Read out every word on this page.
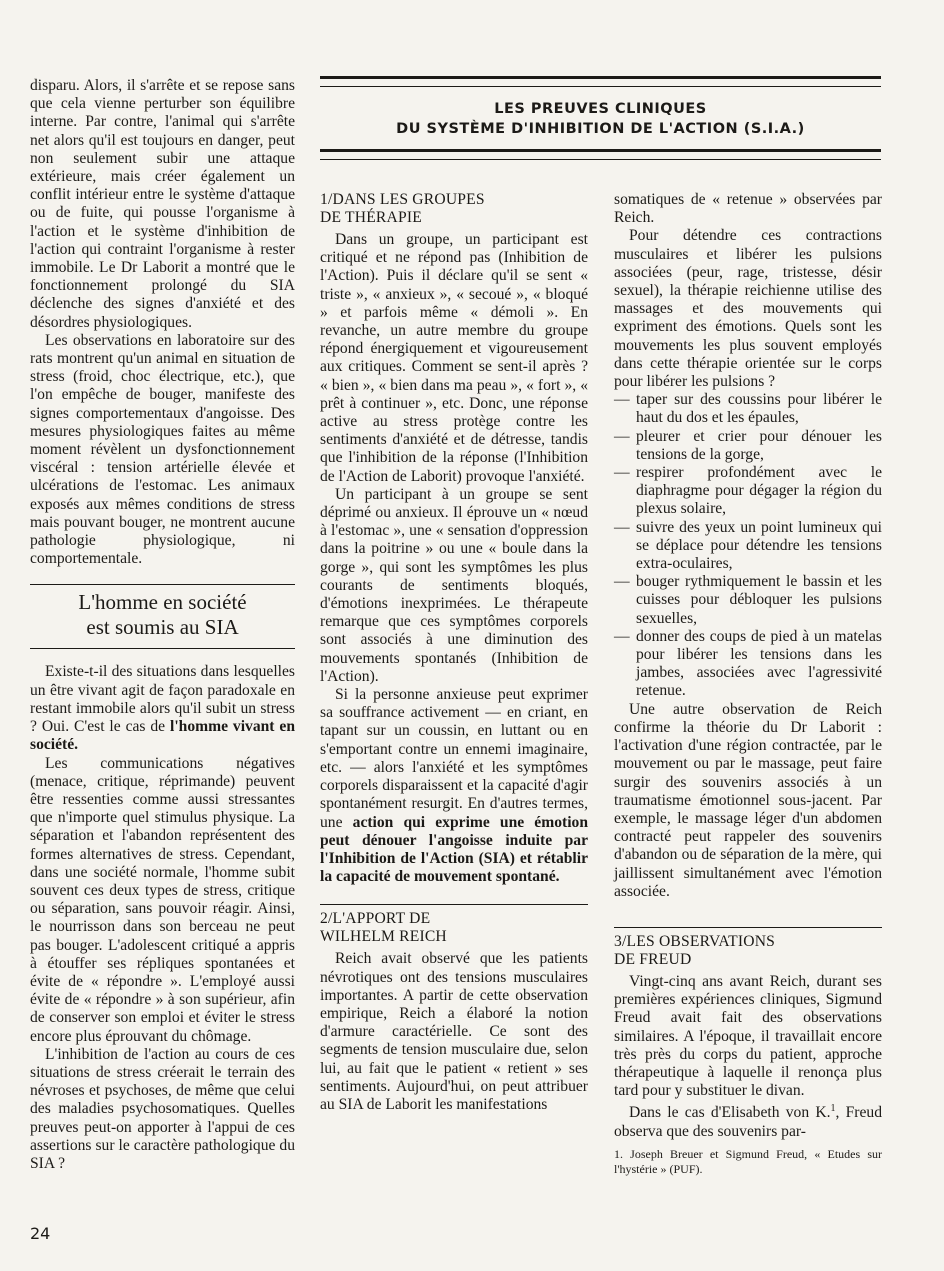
LES PREUVES CLINIQUES
DU SYSTÈME D'INHIBITION DE L'ACTION (S.I.A.)

disparu. Alors, il s'arrête et se repose sans que cela vienne perturber son équilibre interne. Par contre, l'animal qui s'arrête net alors qu'il est toujours en danger, peut non seulement subir une attaque extérieure, mais créer également un conflit intérieur entre le système d'attaque ou de fuite, qui pousse l'organisme à l'action et le système d'inhibition de l'action qui contraint l'organisme à rester immobile. Le Dr Laborit a montré que le fonctionnement prolongé du SIA déclenche des signes d'anxiété et des désordres physiologiques.

Les observations en laboratoire sur des rats montrent qu'un animal en situation de stress (froid, choc électrique, etc.), que l'on empêche de bouger, manifeste des signes comportementaux d'angoisse. Des mesures physiologiques faites au même moment révèlent un dysfonctionnement viscéral : tension artérielle élevée et ulcérations de l'estomac. Les animaux exposés aux mêmes conditions de stress mais pouvant bouger, ne montrent aucune pathologie physiologique, ni comportementale.

L'homme en société
est soumis au SIA

Existe-t-il des situations dans lesquelles un être vivant agit de façon paradoxale en restant immobile alors qu'il subit un stress ? Oui. C'est le cas de l'homme vivant en société.

Les communications négatives (menace, critique, réprimande) peuvent être ressenties comme aussi stressantes que n'importe quel stimulus physique. La séparation et l'abandon représentent des formes alternatives de stress. Cependant, dans une société normale, l'homme subit souvent ces deux types de stress, critique ou séparation, sans pouvoir réagir. Ainsi, le nourrisson dans son berceau ne peut pas bouger. L'adolescent critiqué a appris à étouffer ses répliques spontanées et évite de « répondre ». L'employé aussi évite de « répondre » à son supérieur, afin de conserver son emploi et éviter le stress encore plus éprouvant du chômage.

L'inhibition de l'action au cours de ces situations de stress créerait le terrain des névroses et psychoses, de même que celui des maladies psychosomatiques. Quelles preuves peut-on apporter à l'appui de ces assertions sur le caractère pathologique du SIA ?

1/DANS LES GROUPES
DE THÉRAPIE

Dans un groupe, un participant est critiqué et ne répond pas (Inhibition de l'Action). Puis il déclare qu'il se sent « triste », « anxieux », « secoué », « bloqué » et parfois même « démoli ». En revanche, un autre membre du groupe répond énergiquement et vigoureusement aux critiques. Comment se sent-il après ? « bien », « bien dans ma peau », « fort », « prêt à continuer », etc. Donc, une réponse active au stress protège contre les sentiments d'anxiété et de détresse, tandis que l'inhibition de la réponse (l'Inhibition de l'Action de Laborit) provoque l'anxiété.

Un participant à un groupe se sent déprimé ou anxieux. Il éprouve un « nœud à l'estomac », une « sensation d'oppression dans la poitrine » ou une « boule dans la gorge », qui sont les symptômes les plus courants de sentiments bloqués, d'émotions inexprimées. Le thérapeute remarque que ces symptômes corporels sont associés à une diminution des mouvements spontanés (Inhibition de l'Action).

Si la personne anxieuse peut exprimer sa souffrance activement — en criant, en tapant sur un coussin, en luttant ou en s'emportant contre un ennemi imaginaire, etc. — alors l'anxiété et les symptômes corporels disparaissent et la capacité d'agir spontanément resurgit. En d'autres termes, une action qui exprime une émotion peut dénouer l'angoisse induite par l'Inhibition de l'Action (SIA) et rétablir la capacité de mouvement spontané.

2/L'APPORT DE
WILHELM REICH

Reich avait observé que les patients névrotiques ont des tensions musculaires importantes. A partir de cette observation empirique, Reich a élaboré la notion d'armure caractérielle. Ce sont des segments de tension musculaire due, selon lui, au fait que le patient « retient » ses sentiments. Aujourd'hui, on peut attribuer au SIA de Laborit les manifestations

somatiques de « retenue » observées par Reich.

Pour détendre ces contractions musculaires et libérer les pulsions associées (peur, rage, tristesse, désir sexuel), la thérapie reichienne utilise des massages et des mouvements qui expriment des émotions. Quels sont les mouvements les plus souvent employés dans cette thérapie orientée sur le corps pour libérer les pulsions ?

— taper sur des coussins pour libérer le haut du dos et les épaules,
— pleurer et crier pour dénouer les tensions de la gorge,
— respirer profondément avec le diaphragme pour dégager la région du plexus solaire,
— suivre des yeux un point lumineux qui se déplace pour détendre les tensions extra-oculaires,
— bouger rythmiquement le bassin et les cuisses pour débloquer les pulsions sexuelles,
— donner des coups de pied à un matelas pour libérer les tensions dans les jambes, associées avec l'agressivité retenue.

Une autre observation de Reich confirme la théorie du Dr Laborit : l'activation d'une région contractée, par le mouvement ou par le massage, peut faire surgir des souvenirs associés à un traumatisme émotionnel sous-jacent. Par exemple, le massage léger d'un abdomen contracté peut rappeler des souvenirs d'abandon ou de séparation de la mère, qui jaillissent simultanément avec l'émotion associée.

3/LES OBSERVATIONS
DE FREUD

Vingt-cinq ans avant Reich, durant ses premières expériences cliniques, Sigmund Freud avait fait des observations similaires. A l'époque, il travaillait encore très près du corps du patient, approche thérapeutique à laquelle il renonça plus tard pour y substituer le divan.

Dans le cas d'Elisabeth von K.$^1$, Freud observa que des souvenirs par-

1. Joseph Breuer et Sigmund Freud, « Etudes sur l'hystérie » (PUF).
24
